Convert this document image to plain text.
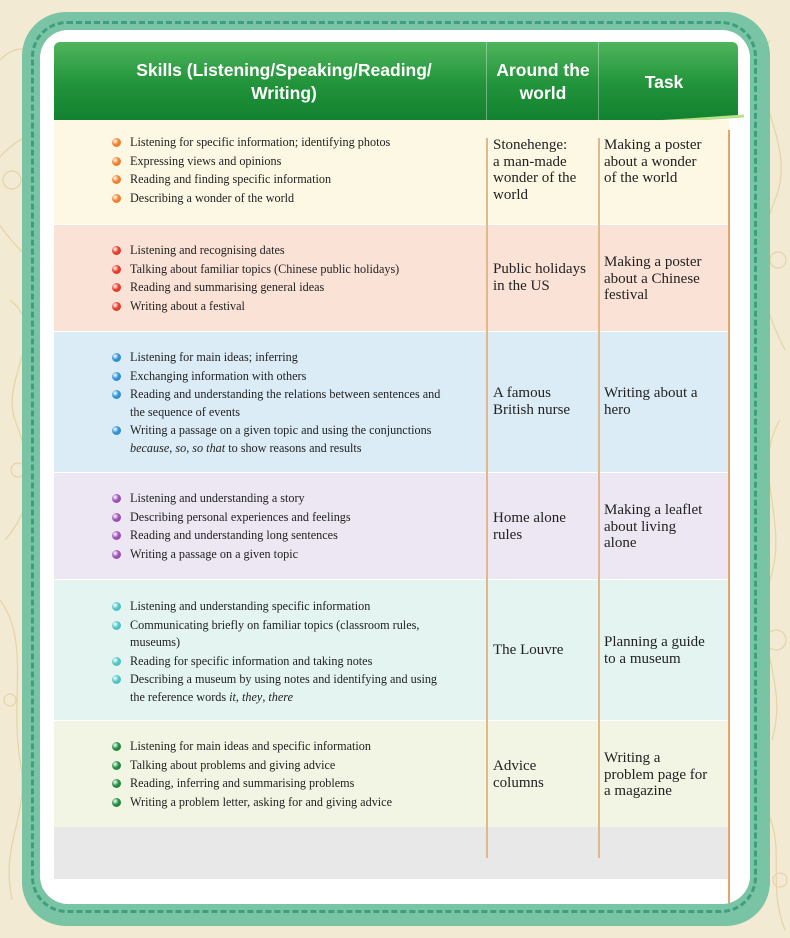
Skills (Listening/Speaking/Reading/
Writing)
Around the
world
Task
Listening for specific information; identifying photos
Expressing views and opinions
Reading and finding specific information
Describing a wonder of the world
Stonehenge:
a man-made
wonder of the
world
Making a poster
about a wonder
of the world
Listening and recognising dates
Talking about familiar topics (Chinese public holidays)
Reading and summarising general ideas
Writing about a festival
Public holidays
in the US
Making a poster
about a Chinese
festival
Listening for main ideas; inferring
Exchanging information with others
Reading and understanding the relations between sentences and
the sequence of events
Writing a passage on a given topic and using the conjunctions
because, so, so that to show reasons and results
A famous
British nurse
Writing about a
hero
Listening and understanding a story
Describing personal experiences and feelings
Reading and understanding long sentences
Writing a passage on a given topic
Home alone
rules
Making a leaflet
about living
alone
Listening and understanding specific information
Communicating briefly on familiar topics (classroom rules,
museums)
Reading for specific information and taking notes
Describing a museum by using notes and identifying and using
the reference words it, they, there
The Louvre	Planning a guide
to a museum
Listening for main ideas and specific information
Talking about problems and giving advice
Reading, inferring and summarising problems
Writing a problem letter, asking for and giving advice
Advice
columns
Writing a
problem page for
a magazine
